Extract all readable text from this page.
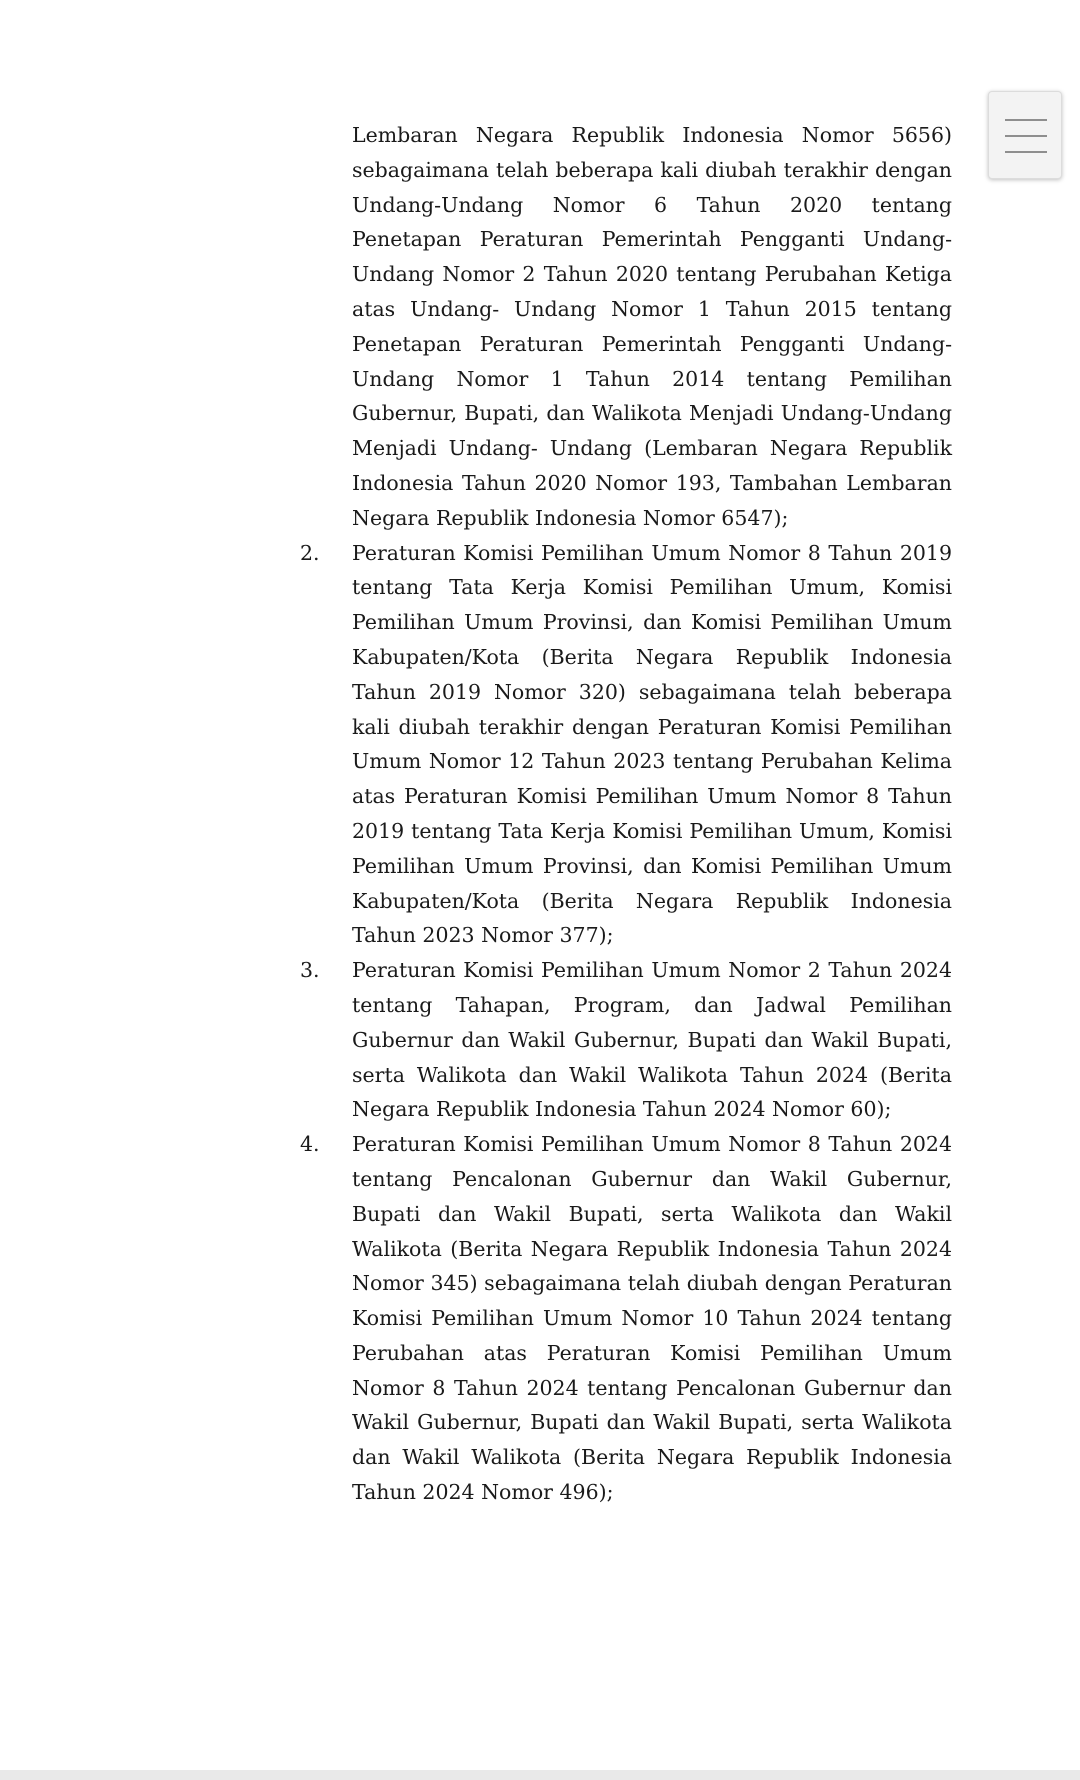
Lembaran Negara Republik Indonesia Nomor 5656) sebagaimana telah beberapa kali diubah terakhir dengan Undang-Undang Nomor 6 Tahun 2020 tentang Penetapan Peraturan Pemerintah Pengganti Undang-Undang Nomor 2 Tahun 2020 tentang Perubahan Ketiga atas Undang- Undang Nomor 1 Tahun 2015 tentang Penetapan Peraturan Pemerintah Pengganti Undang-Undang Nomor 1 Tahun 2014 tentang Pemilihan Gubernur, Bupati, dan Walikota Menjadi Undang-Undang Menjadi Undang- Undang (Lembaran Negara Republik Indonesia Tahun 2020 Nomor 193, Tambahan Lembaran Negara Republik Indonesia Nomor 6547);

2. Peraturan Komisi Pemilihan Umum Nomor 8 Tahun 2019 tentang Tata Kerja Komisi Pemilihan Umum, Komisi Pemilihan Umum Provinsi, dan Komisi Pemilihan Umum Kabupaten/Kota (Berita Negara Republik Indonesia Tahun 2019 Nomor 320) sebagaimana telah beberapa kali diubah terakhir dengan Peraturan Komisi Pemilihan Umum Nomor 12 Tahun 2023 tentang Perubahan Kelima atas Peraturan Komisi Pemilihan Umum Nomor 8 Tahun 2019 tentang Tata Kerja Komisi Pemilihan Umum, Komisi Pemilihan Umum Provinsi, dan Komisi Pemilihan Umum Kabupaten/Kota (Berita Negara Republik Indonesia Tahun 2023 Nomor 377);

3. Peraturan Komisi Pemilihan Umum Nomor 2 Tahun 2024 tentang Tahapan, Program, dan Jadwal Pemilihan Gubernur dan Wakil Gubernur, Bupati dan Wakil Bupati, serta Walikota dan Wakil Walikota Tahun 2024 (Berita Negara Republik Indonesia Tahun 2024 Nomor 60);

4. Peraturan Komisi Pemilihan Umum Nomor 8 Tahun 2024 tentang Pencalonan Gubernur dan Wakil Gubernur, Bupati dan Wakil Bupati, serta Walikota dan Wakil Walikota (Berita Negara Republik Indonesia Tahun 2024 Nomor 345) sebagaimana telah diubah dengan Peraturan Komisi Pemilihan Umum Nomor 10 Tahun 2024 tentang Perubahan atas Peraturan Komisi Pemilihan Umum Nomor 8 Tahun 2024 tentang Pencalonan Gubernur dan Wakil Gubernur, Bupati dan Wakil Bupati, serta Walikota dan Wakil Walikota (Berita Negara Republik Indonesia Tahun 2024 Nomor 496);
